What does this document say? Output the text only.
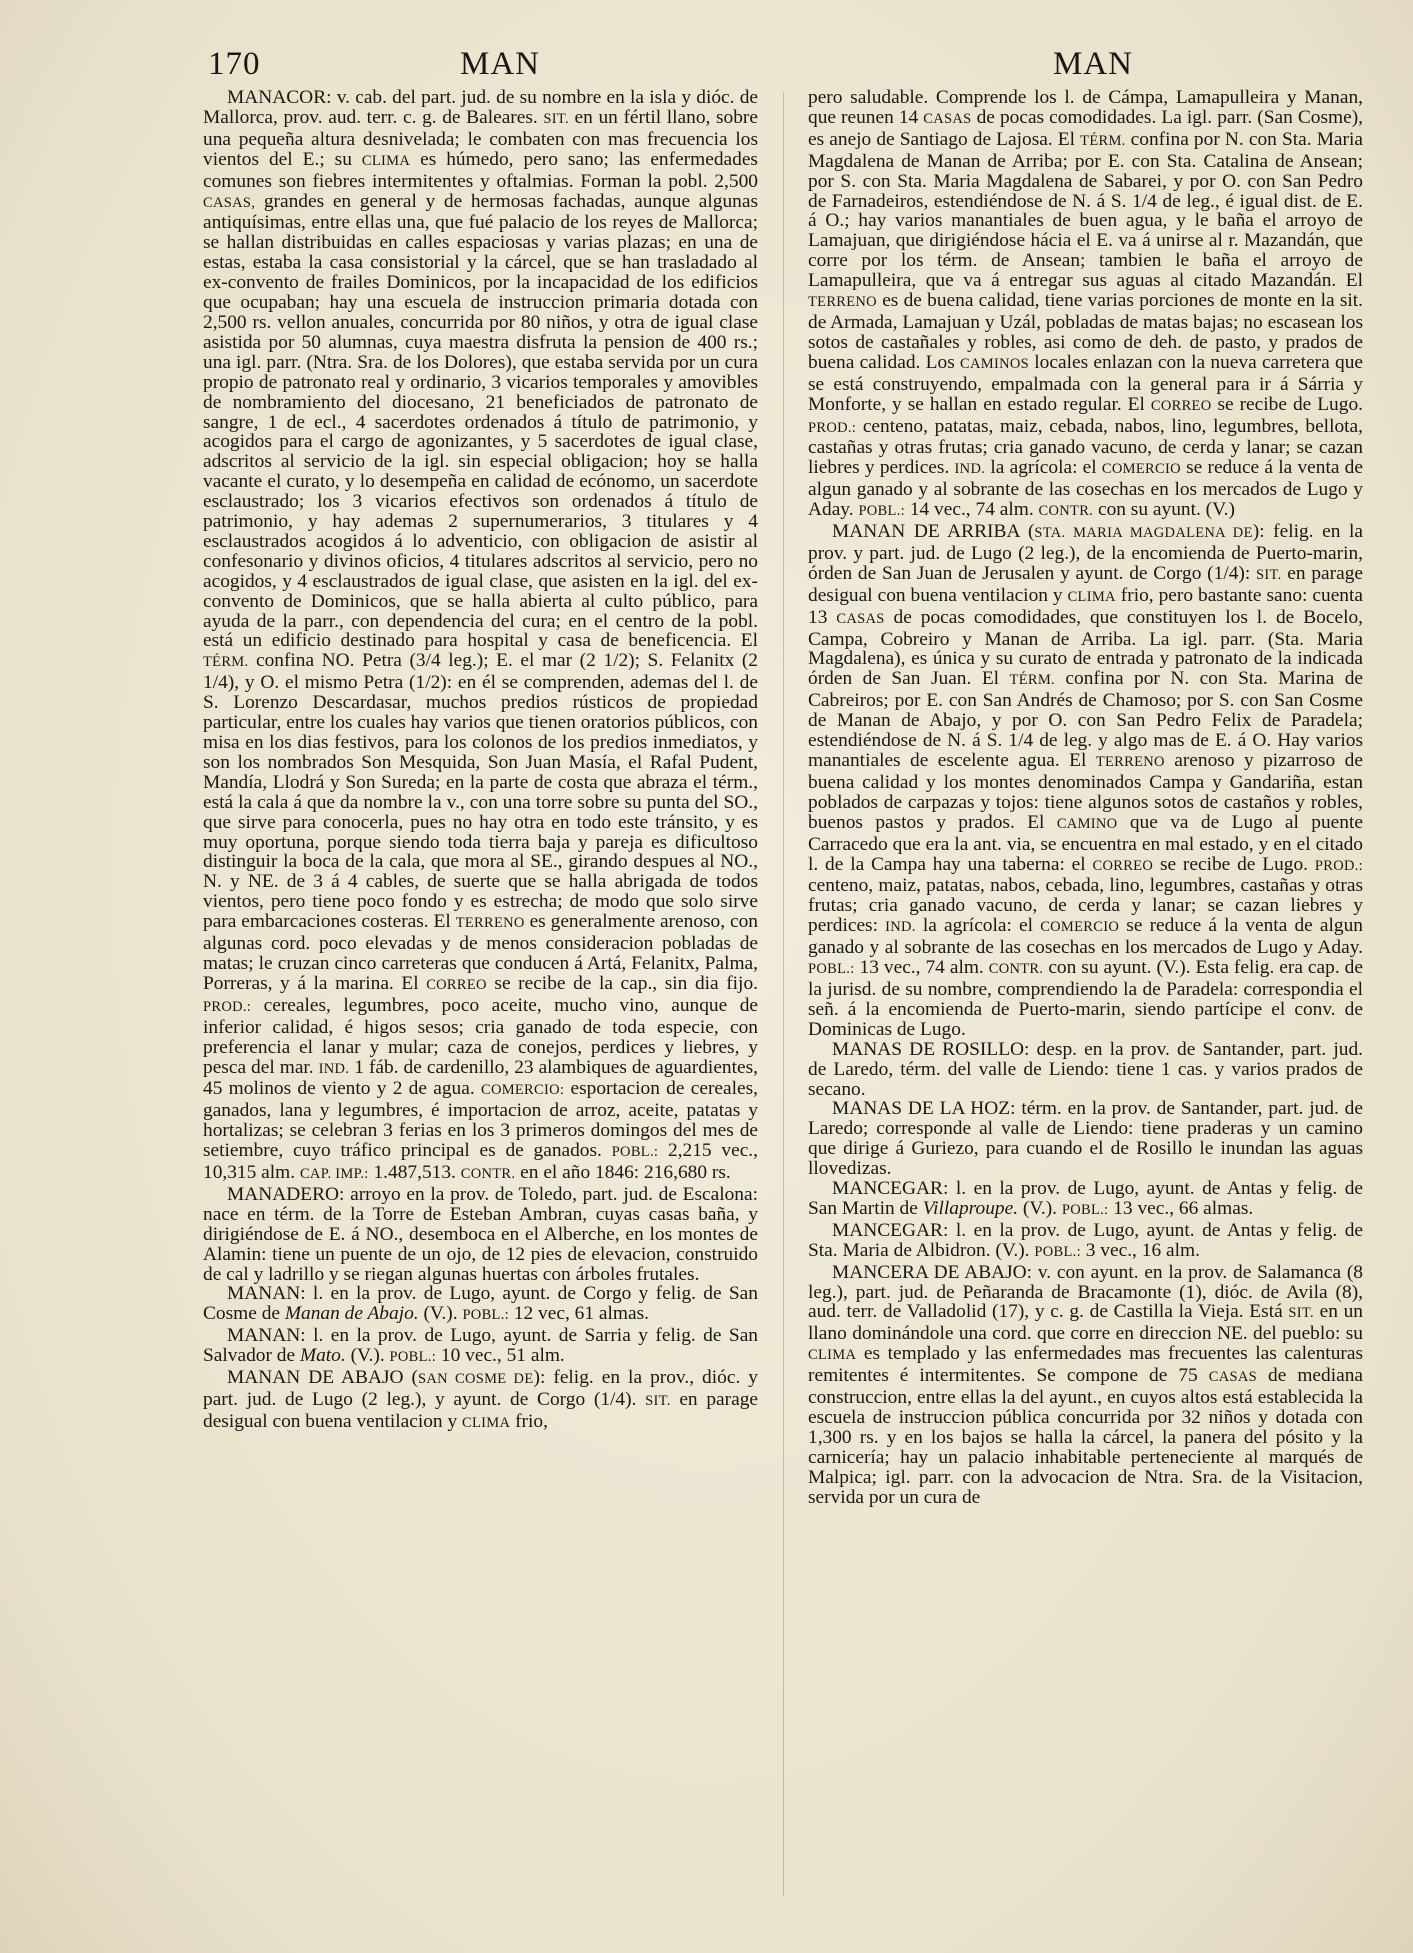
170	MAN	MAN

MANACOR: v. cab. del part. jud. de su nombre en la isla y dióc. de Mallorca, prov. aud. terr. c. g. de Baleares. SIT. en un fértil llano, sobre una pequeña altura desnivelada; le combaten con mas frecuencia los vientos del E.; su CLIMA es húmedo, pero sano; las enfermedades comunes son fiebres intermitentes y oftalmias. Forman la pobl. 2,500 CASAS, grandes en general y de hermosas fachadas, aunque algunas antiquísimas, entre ellas una, que fué palacio de los reyes de Mallorca; se hallan distribuidas en calles espaciosas y varias plazas; en una de estas, estaba la casa consistorial y la cárcel, que se han trasladado al ex-convento de frailes Dominicos, por la incapacidad de los edificios que ocupaban; hay una escuela de instruccion primaria dotada con 2,500 rs. vellon anuales, concurrida por 80 niños, y otra de igual clase asistida por 50 alumnas, cuya maestra disfruta la pension de 400 rs.; una igl. parr. (Ntra. Sra. de los Dolores), que estaba servida por un cura propio de patronato real y ordinario, 3 vicarios temporales y amovibles de nombramiento del diocesano, 21 beneficiados de patronato de sangre, 1 de ecl., 4 sacerdotes ordenados á título de patrimonio, y acogidos para el cargo de agonizantes, y 5 sacerdotes de igual clase, adscritos al servicio de la igl. sin especial obligacion; hoy se halla vacante el curato, y lo desempeña en calidad de ecónomo, un sacerdote esclaustrado; los 3 vicarios efectivos son ordenados á título de patrimonio, y hay ademas 2 supernumerarios, 3 titulares y 4 esclaustrados acogidos á lo adventicio, con obligacion de asistir al confesonario y divinos oficios, 4 titulares adscritos al servicio, pero no acogidos, y 4 esclaustrados de igual clase, que asisten en la igl. del ex-convento de Dominicos, que se halla abierta al culto público, para ayuda de la parr., con dependencia del cura; en el centro de la pobl. está un edificio destinado para hospital y casa de beneficencia. El TÉRM. confina NO. Petra (3/4 leg.); E. el mar (2 1/2); S. Felanitx (2 1/4), y O. el mismo Petra (1/2): en él se comprenden, ademas del l. de S. Lorenzo Descardasar, muchos predios rústicos de propiedad particular, entre los cuales hay varios que tienen oratorios públicos, con misa en los dias festivos, para los colonos de los predios inmediatos, y son los nombrados Son Mesquida, Son Juan Masía, el Rafal Pudent, Mandía, Llodrá y Son Sureda; en la parte de costa que abraza el térm., está la cala á que da nombre la v., con una torre sobre su punta del SO., que sirve para conocerla, pues no hay otra en todo este tránsito, y es muy oportuna, porque siendo toda tierra baja y pareja es dificultoso distinguir la boca de la cala, que mora al SE., girando despues al NO., N. y NE. de 3 á 4 cables, de suerte que se halla abrigada de todos vientos, pero tiene poco fondo y es estrecha; de modo que solo sirve para embarcaciones costeras. El TERRENO es generalmente arenoso, con algunas cord. poco elevadas y de menos consideracion pobladas de matas; le cruzan cinco carreteras que conducen á Artá, Felanitx, Palma, Porreras, y á la marina. El CORREO se recibe de la cap., sin dia fijo. PROD.: cereales, legumbres, poco aceite, mucho vino, aunque de inferior calidad, é higos sesos; cria ganado de toda especie, con preferencia el lanar y mular; caza de conejos, perdices y liebres, y pesca del mar. IND. 1 fáb. de cardenillo, 23 alambiques de aguardientes, 45 molinos de viento y 2 de agua. COMERCIO: esportacion de cereales, ganados, lana y legumbres, é importacion de arroz, aceite, patatas y hortalizas; se celebran 3 ferias en los 3 primeros domingos del mes de setiembre, cuyo tráfico principal es de ganados. POBL.: 2,215 vec., 10,315 alm. CAP. IMP.: 1.487,513. CONTR. en el año 1846: 216,680 rs.

MANADERO: arroyo en la prov. de Toledo, part. jud. de Escalona: nace en térm. de la Torre de Esteban Ambran, cuyas casas baña, y dirigiéndose de E. á NO., desemboca en el Alberche, en los montes de Alamin: tiene un puente de un ojo, de 12 pies de elevacion, construido de cal y ladrillo y se riegan algunas huertas con árboles frutales.

MANAN: l. en la prov. de Lugo, ayunt. de Corgo y felig. de San Cosme de Manan de Abajo. (V.). POBL.: 12 vec, 61 almas.

MANAN: l. en la prov. de Lugo, ayunt. de Sarria y felig. de San Salvador de Mato. (V.). POBL.: 10 vec., 51 alm.

MANAN DE ABAJO (SAN COSME DE): felig. en la prov., dióc. y part. jud. de Lugo (2 leg.), y ayunt. de Corgo (1/4). SIT. en parage desigual con buena ventilacion y CLIMA frio,

pero saludable. Comprende los l. de Cámpa, Lamapulleira y Manan, que reunen 14 CASAS de pocas comodidades. La igl. parr. (San Cosme), es anejo de Santiago de Lajosa. El TÉRM. confina por N. con Sta. Maria Magdalena de Manan de Arriba; por E. con Sta. Catalina de Ansean; por S. con Sta. Maria Magdalena de Sabarei, y por O. con San Pedro de Farnadeiros, estendiéndose de N. á S. 1/4 de leg., é igual dist. de E. á O.; hay varios manantiales de buen agua, y le baña el arroyo de Lamajuan, que dirigiéndose hácia el E. va á unirse al r. Mazandán, que corre por los térm. de Ansean; tambien le baña el arroyo de Lamapulleira, que va á entregar sus aguas al citado Mazandán. El TERRENO es de buena calidad, tiene varias porciones de monte en la sit. de Armada, Lamajuan y Uzál, pobladas de matas bajas; no escasean los sotos de castañales y robles, asi como de deh. de pasto, y prados de buena calidad. Los CAMINOS locales enlazan con la nueva carretera que se está construyendo, empalmada con la general para ir á Sárria y Monforte, y se hallan en estado regular. El CORREO se recibe de Lugo. PROD.: centeno, patatas, maiz, cebada, nabos, lino, legumbres, bellota, castañas y otras frutas; cria ganado vacuno, de cerda y lanar; se cazan liebres y perdices. IND. la agrícola: el COMERCIO se reduce á la venta de algun ganado y al sobrante de las cosechas en los mercados de Lugo y Aday. POBL.: 14 vec., 74 alm. CONTR. con su ayunt. (V.)

MANAN DE ARRIBA (STA. MARIA MAGDALENA DE): felig. en la prov. y part. jud. de Lugo (2 leg.), de la encomienda de Puerto-marin, órden de San Juan de Jerusalen y ayunt. de Corgo (1/4): SIT. en parage desigual con buena ventilacion y CLIMA frio, pero bastante sano: cuenta 13 CASAS de pocas comodidades, que constituyen los l. de Bocelo, Campa, Cobreiro y Manan de Arriba. La igl. parr. (Sta. Maria Magdalena), es única y su curato de entrada y patronato de la indicada órden de San Juan. El TÉRM. confina por N. con Sta. Marina de Cabreiros; por E. con San Andrés de Chamoso; por S. con San Cosme de Manan de Abajo, y por O. con San Pedro Felix de Paradela; estendiéndose de N. á S. 1/4 de leg. y algo mas de E. á O. Hay varios manantiales de escelente agua. El TERRENO arenoso y pizarroso de buena calidad y los montes denominados Campa y Gandariña, estan poblados de carpazas y tojos: tiene algunos sotos de castaños y robles, buenos pastos y prados. El CAMINO que va de Lugo al puente Carracedo que era la ant. via, se encuentra en mal estado, y en el citado l. de la Campa hay una taberna: el CORREO se recibe de Lugo. PROD.: centeno, maiz, patatas, nabos, cebada, lino, legumbres, castañas y otras frutas; cria ganado vacuno, de cerda y lanar; se cazan liebres y perdices: IND. la agrícola: el COMERCIO se reduce á la venta de algun ganado y al sobrante de las cosechas en los mercados de Lugo y Aday. POBL.: 13 vec., 74 alm. CONTR. con su ayunt. (V.). Esta felig. era cap. de la jurisd. de su nombre, comprendiendo la de Paradela: correspondia el señ. á la encomienda de Puerto-marin, siendo partícipe el conv. de Dominicas de Lugo.

MANAS DE ROSILLO: desp. en la prov. de Santander, part. jud. de Laredo, térm. del valle de Liendo: tiene 1 cas. y varios prados de secano.

MANAS DE LA HOZ: térm. en la prov. de Santander, part. jud. de Laredo; corresponde al valle de Liendo: tiene praderas y un camino que dirige á Guriezo, para cuando el de Rosillo le inundan las aguas llovedizas.

MANCEGAR: l. en la prov. de Lugo, ayunt. de Antas y felig. de San Martin de Villaproupe. (V.). POBL.: 13 vec., 66 almas.

MANCEGAR: l. en la prov. de Lugo, ayunt. de Antas y felig. de Sta. Maria de Albidron. (V.). POBL.: 3 vec., 16 alm.

MANCERA DE ABAJO: v. con ayunt. en la prov. de Salamanca (8 leg.), part. jud. de Peñaranda de Bracamonte (1), dióc. de Avila (8), aud. terr. de Valladolid (17), y c. g. de Castilla la Vieja. Está SIT. en un llano dominándole una cord. que corre en direccion NE. del pueblo: su CLIMA es templado y las enfermedades mas frecuentes las calenturas remitentes é intermitentes. Se compone de 75 CASAS de mediana construccion, entre ellas la del ayunt., en cuyos altos está establecida la escuela de instruccion pública concurrida por 32 niños y dotada con 1,300 rs. y en los bajos se halla la cárcel, la panera del pósito y la carnicería; hay un palacio inhabitable perteneciente al marqués de Malpica; igl. parr. con la advocacion de Ntra. Sra. de la Visitacion, servida por un cura de
